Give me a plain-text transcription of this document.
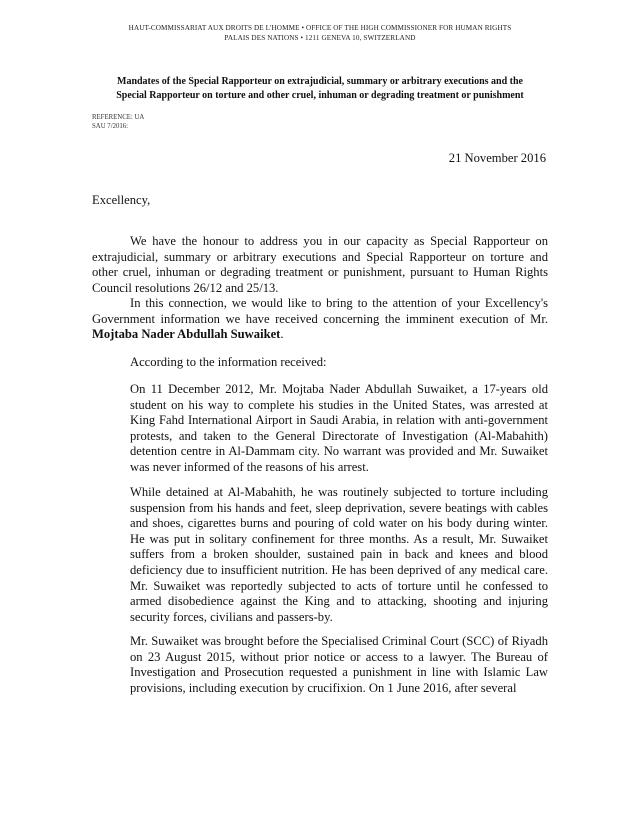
HAUT-COMMISSARIAT AUX DROITS DE L'HOMME • OFFICE OF THE HIGH COMMISSIONER FOR HUMAN RIGHTS
PALAIS DES NATIONS • 1211 GENEVA 10, SWITZERLAND
Mandates of the Special Rapporteur on extrajudicial, summary or arbitrary executions and the
Special Rapporteur on torture and other cruel, inhuman or degrading treatment or punishment
REFERENCE: UA
SAU 7/2016:
21 November 2016
Excellency,

We have the honour to address you in our capacity as Special Rapporteur on extrajudicial, summary or arbitrary executions and Special Rapporteur on torture and other cruel, inhuman or degrading treatment or punishment, pursuant to Human Rights Council resolutions 26/12 and 25/13.

In this connection, we would like to bring to the attention of your Excellency's Government information we have received concerning the imminent execution of Mr. Mojtaba Nader Abdullah Suwaiket.

According to the information received:

On 11 December 2012, Mr. Mojtaba Nader Abdullah Suwaiket, a 17-years old student on his way to complete his studies in the United States, was arrested at King Fahd International Airport in Saudi Arabia, in relation with anti-government protests, and taken to the General Directorate of Investigation (Al-Mabahith) detention centre in Al-Dammam city. No warrant was provided and Mr. Suwaiket was never informed of the reasons of his arrest.

While detained at Al-Mabahith, he was routinely subjected to torture including suspension from his hands and feet, sleep deprivation, severe beatings with cables and shoes, cigarettes burns and pouring of cold water on his body during winter. He was put in solitary confinement for three months. As a result, Mr. Suwaiket suffers from a broken shoulder, sustained pain in back and knees and blood deficiency due to insufficient nutrition. He has been deprived of any medical care. Mr. Suwaiket was reportedly subjected to acts of torture until he confessed to armed disobedience against the King and to attacking, shooting and injuring security forces, civilians and passers-by.

Mr. Suwaiket was brought before the Specialised Criminal Court (SCC) of Riyadh on 23 August 2015, without prior notice or access to a lawyer. The Bureau of Investigation and Prosecution requested a punishment in line with Islamic Law provisions, including execution by crucifixion. On 1 June 2016, after several
